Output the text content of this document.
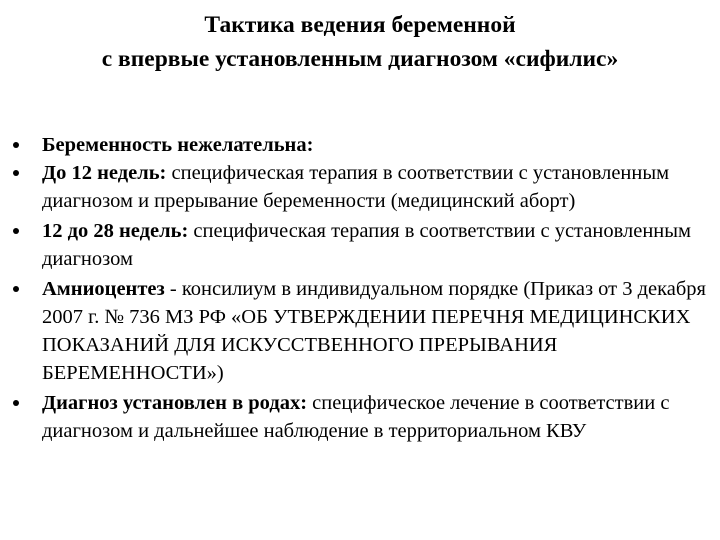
Тактика ведения беременной
с впервые установленным диагнозом «сифилис»
Беременность нежелательна:
До 12 недель: специфическая терапия в соответствии с установленным диагнозом и прерывание беременности (медицинский аборт)
12 до 28 недель: специфическая терапия в соответствии с установленным диагнозом
Амниоцентез - консилиум в индивидуальном порядке (Приказ от 3 декабря 2007 г. № 736 МЗ РФ «ОБ УТВЕРЖДЕНИИ ПЕРЕЧНЯ МЕДИЦИНСКИХ ПОКАЗАНИЙ ДЛЯ ИСКУССТВЕННОГО ПРЕРЫВАНИЯ БЕРЕМЕННОСТИ»)
Диагноз установлен в родах: специфическое лечение в соответствии с диагнозом и дальнейшее наблюдение в территориальном КВУ
